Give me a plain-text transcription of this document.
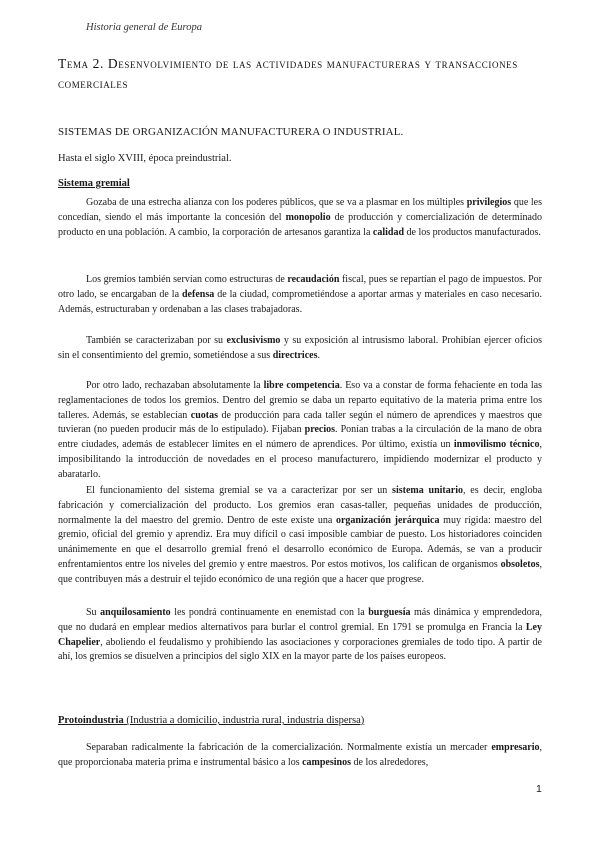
Historia general de Europa
Tema 2. Desenvolvimiento de las actividades manufactureras y transacciones comerciales
SISTEMAS DE ORGANIZACIÓN MANUFACTURERA O INDUSTRIAL.
Hasta el siglo XVIII, época preindustrial.
Sistema gremial

Gozaba de una estrecha alianza con los poderes públicos, que se va a plasmar en los múltiples privilegios que les concedían, siendo el más importante la concesión del monopolio de producción y comercialización de determinado producto en una población. A cambio, la corporación de artesanos garantiza la calidad de los productos manufacturados.

Los gremios también servían como estructuras de recaudación fiscal, pues se repartían el pago de impuestos. Por otro lado, se encargaban de la defensa de la ciudad, comprometiéndose a aportar armas y materiales en caso necesario. Además, estructuraban y ordenaban a las clases trabajadoras.

También se caracterizaban por su exclusivismo y su exposición al intrusismo laboral. Prohibían ejercer oficios sin el consentimiento del gremio, sometiéndose a sus directrices.

Por otro lado, rechazaban absolutamente la libre competencia. Eso va a constar de forma fehaciente en toda las reglamentaciones de todos los gremios. Dentro del gremio se daba un reparto equitativo de la materia prima entre los talleres. Además, se establecían cuotas de producción para cada taller según el número de aprendices y maestros que tuvieran (no pueden producir más de lo estipulado). Fijaban precios. Ponían trabas a la circulación de la mano de obra entre ciudades, además de establecer límites en el número de aprendices. Por último, existía un inmovilismo técnico, imposibilitando la introducción de novedades en el proceso manufacturero, impidiendo modernizar el producto y abaratarlo.

El funcionamiento del sistema gremial se va a caracterizar por ser un sistema unitario, es decir, engloba fabricación y comercialización del producto. Los gremios eran casas-taller, pequeñas unidades de producción, normalmente la del maestro del gremio. Dentro de este existe una organización jerárquica muy rígida: maestro del gremio, oficial del gremio y aprendiz. Era muy difícil o casi imposible cambiar de puesto. Los historiadores coinciden unánimemente en que el desarrollo gremial frenó el desarrollo económico de Europa. Además, se van a producir enfrentamientos entre los niveles del gremio y entre maestros. Por estos motivos, los califican de organismos obsoletos, que contribuyen más a destruir el tejido económico de una región que a hacer que progrese.

Su anquilosamiento les pondrá continuamente en enemistad con la burguesía más dinámica y emprendedora, que no dudará en emplear medios alternativos para burlar el control gremial. En 1791 se promulga en Francia la Ley Chapelier, aboliendo el feudalismo y prohibiendo las asociaciones y corporaciones gremiales de todo tipo. A partir de ahí, los gremios se disuelven a principios del siglo XIX en la mayor parte de los países europeos.

Protoindustria (Industria a domicilio, industria rural, industria dispersa)

Separaban radicalmente la fabricación de la comercialización. Normalmente existía un mercader empresario, que proporcionaba materia prima e instrumental básico a los campesinos de los alrededores,

1
